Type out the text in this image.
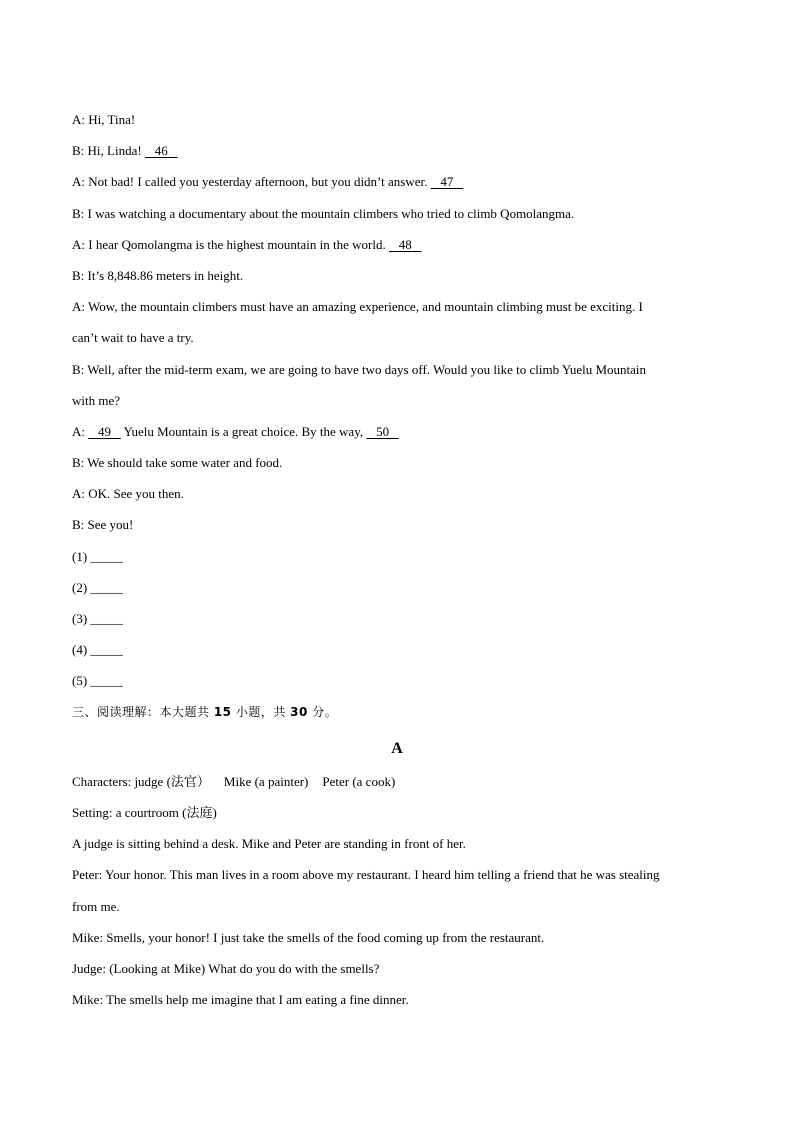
A: Hi, Tina!
B: Hi, Linda!    46
A: Not bad! I called you yesterday afternoon, but you didn’t answer.    47
B: I was watching a documentary about the mountain climbers who tried to climb Qomolangma.
A: I hear Qomolangma is the highest mountain in the world.    48
B: It’s 8,848.86 meters in height.
A: Wow, the mountain climbers must have an amazing experience, and mountain climbing must be exciting. I
can’t wait to have a try.
B: Well, after the mid-term exam, we are going to have two days off. Would you like to climb Yuelu Mountain
with me?
A:    49    Yuelu Mountain is a great choice. By the way,    50
B: We should take some water and food.
A: OK. See you then.
B: See you!
(1) _____
(2) _____
(3) _____
(4) _____
(5) _____
三、阅读理解：本大题共 15 小题，共 30 分。
A
Characters: judge (法官） Mike (a painter) Peter (a cook)
Setting: a courtroom (法庭)
A judge is sitting behind a desk. Mike and Peter are standing in front of her.
Peter: Your honor. This man lives in a room above my restaurant. I heard him telling a friend that he was stealing
from me.
Mike: Smells, your honor! I just take the smells of the food coming up from the restaurant.
Judge: (Looking at Mike) What do you do with the smells?
Mike: The smells help me imagine that I am eating a fine dinner.
